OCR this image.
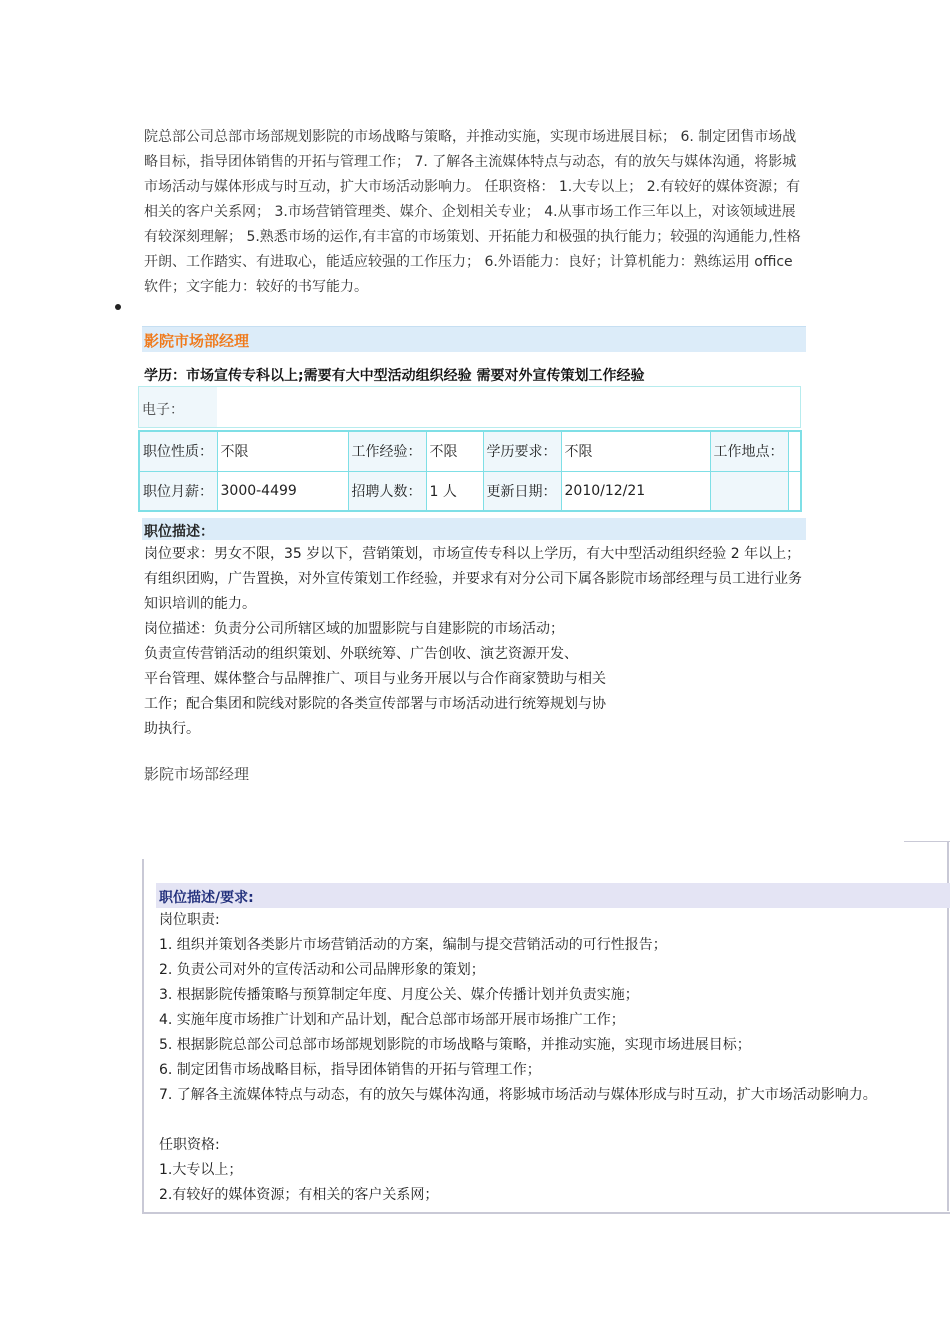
院总部公司总部市场部规划影院的市场战略与策略，并推动实施，实现市场进展目标； 6. 制定团售市场战略目标，指导团体销售的开拓与管理工作； 7. 了解各主流媒体特点与动态，有的放矢与媒体沟通，将影城市场活动与媒体形成与时互动，扩大市场活动影响力。 任职资格： 1.大专以上； 2.有较好的媒体资源；有相关的客户关系网； 3.市场营销管理类、媒介、企划相关专业； 4.从事市场工作三年以上，对该领域进展有较深刻理解； 5.熟悉市场的运作,有丰富的市场策划、开拓能力和极强的执行能力；较强的沟通能力,性格开朗、工作踏实、有进取心，能适应较强的工作压力； 6.外语能力：良好；计算机能力：熟练运用 office 软件；文字能力：较好的书写能力。
影院市场部经理
学历：市场宣传专科以上;需要有大中型活动组织经验 需要对外宣传策划工作经验
电子：
职位性质：	不限	工作经验：	不限	学历要求：	不限	工作地点：	
职位月薪：	3000-4499	招聘人数：	1 人	更新日期：	2010/12/21		
职位描述：

岗位要求：男女不限，35 岁以下，营销策划，市场宣传专科以上学历，有大中型活动组织经验 2 年以上；有组织团购，广告置换，对外宣传策划工作经验，并要求有对分公司下属各影院市场部经理与员工进行业务知识培训的能力。

岗位描述：负责分公司所辖区域的加盟影院与自建影院的市场活动；

负责宣传营销活动的组织策划、外联统筹、广告创收、演艺资源开发、

平台管理、媒体整合与品牌推广、项目与业务开展以与合作商家赞助与相关

工作；配合集团和院线对影院的各类宣传部署与市场活动进行统筹规划与协

助执行。

影院市场部经理
职位描述/要求:

岗位职责:

1. 组织并策划各类影片市场营销活动的方案，编制与提交营销活动的可行性报告；

2. 负责公司对外的宣传活动和公司品牌形象的策划；

3. 根据影院传播策略与预算制定年度、月度公关、媒介传播计划并负责实施；

4. 实施年度市场推广计划和产品计划，配合总部市场部开展市场推广工作；

5. 根据影院总部公司总部市场部规划影院的市场战略与策略，并推动实施，实现市场进展目标；

6. 制定团售市场战略目标，指导团体销售的开拓与管理工作；

7. 了解各主流媒体特点与动态，有的放矢与媒体沟通，将影城市场活动与媒体形成与时互动，扩大市场活动影响力。

任职资格:

1.大专以上；

2.有较好的媒体资源；有相关的客户关系网；
